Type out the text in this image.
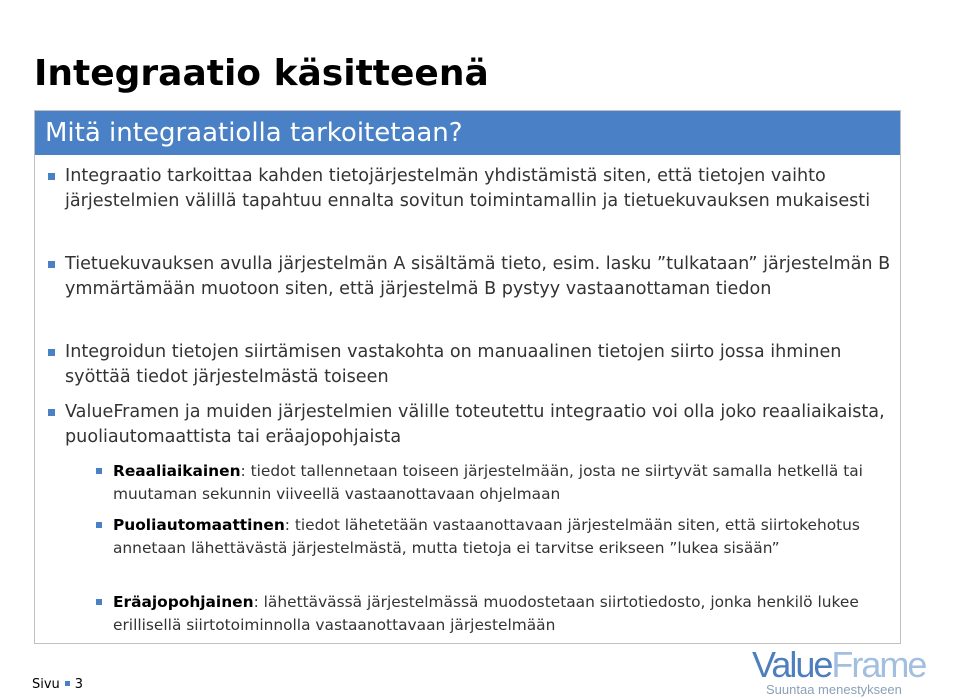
Integraatio käsitteenä
Mitä integraatiolla tarkoitetaan?
Integraatio tarkoittaa kahden tietojärjestelmän yhdistämistä siten, että tietojen vaihto järjestelmien välillä tapahtuu ennalta sovitun toimintamallin ja tietuekuvauksen mukaisesti
Tietuekuvauksen avulla järjestelmän A sisältämä tieto, esim. lasku ”tulkataan” järjestelmän B ymmärtämään muotoon siten, että järjestelmä B pystyy vastaanottaman tiedon
Integroidun tietojen siirtämisen vastakohta on manuaalinen tietojen siirto jossa ihminen syöttää tiedot järjestelmästä toiseen
ValueFramen ja muiden järjestelmien välille toteutettu integraatio voi olla joko reaaliaikaista, puoliautomaattista tai eräajopohjaista
Reaaliaikainen: tiedot tallennetaan toiseen järjestelmään, josta ne siirtyvät samalla hetkellä tai muutaman sekunnin viiveellä vastaanottavaan ohjelmaan
Puoliautomaattinen: tiedot lähetetään vastaanottavaan järjestelmään siten, että siirtokehotus annetaan lähettävästä järjestelmästä, mutta tietoja ei tarvitse erikseen ”lukea sisään”
Eräajopohjainen: lähettävässä järjestelmässä muodostetaan siirtotiedosto, jonka henkilö lukee erillisellä siirtotoiminnolla vastaanottavaan järjestelmään
Sivu 3	ValueFrame
Suuntaa menestykseen
